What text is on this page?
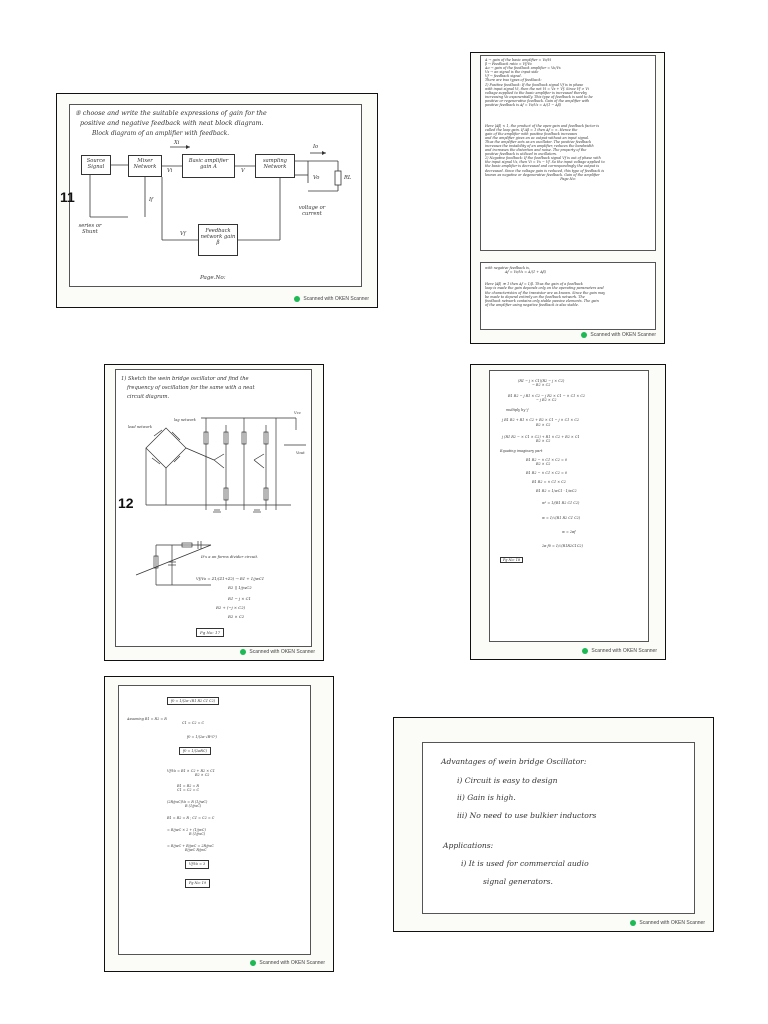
⑤ choose and write the suitable expressions of gain for the
positive and negative feedback with neat block diagram.
Block diagram of an amplifier with feedback.
Source Signal
Mixer Network
Basic amplifier gain A
sampling Network
Feedback network gain β
Xi
Vi	V
Io
Vo	RL
If
Vf
series or Shunt
voltage or current
Page.No:
11
Scanned with OKEN Scanner
A → gain of the basic amplifier = Vo/Vi
β → Feedback ratio = Vf/Vo
Ao → gain of the feedback amplifier = Vo/Vs
Vs → an signal is the input side
Vf → feedback signal.
There are two types of feedback:
1) Positive feedback: If the feedback signal Vf is in phase
with input signal Vi, then the net Vi = Vs + Vf. Since Vf > Vi
voltage supplied to the basic amplifier is increased thereby
increasing Vo exponentially. This type of feedback is said to be
positive or regenerative feedback. Gain of the amplifier with
positive feedback is Af = Vo/Vs = A/(1 − Aβ)

Here |Aβ| < 1, the product of the open-gain and feedback factor is
called the loop gain. If Aβ = 1 then Af = ∞. Hence the
gain of the amplifier with positive feedback increases
and the amplifier gives an ac output without an input signal.
Thus the amplifier acts as an oscillator. The positive feedback
increases the instability of an amplifier, reduces the bandwidth
and increases the distortion and noise. The property of the
positive feedback is utilized in oscillators.
2) Negative feedback: If the feedback signal Vf is out of phase with
the input signal Vs, then Vi = Vs − Vf. So the input voltage applied to
the basic amplifier is decreased and correspondingly the output is
decreased. Since the voltage gain is reduced, this type of feedback is
known as negative or degenerative feedback. Gain of the amplifier
Page.No:
with negative feedback is,
Af = Vo/Vs = A/(1 + Aβ)

Here |Aβ| ≫ 1 then Af = 1/β. Thus the gain of a feedback
loop is made the gain depends only on the operating parameters and
the characteristics of the transistor are as known. Since the gain may
be made to depend entirely on the feedback network. The
feedback network contains only stable passive elements. The gain
of the amplifier using negative feedback is also stable.
Scanned with OKEN Scanner
1) Sketch the wein bridge oscillator and find the
frequency of oscillation for the same with a neat
circuit diagram.
lead network
lag network
Vcc
Vout
It's a an forms divider circuit.
Vf/Vo = Z1/(Z1+Z2) → R1 + 1/jwC1
R2 || 1/jwC2
R1 − j × C1
R2 + (−j × C2)
R2 × C2
Pg No: 17
12
Scanned with OKEN Scanner
(R1 − j × C1)(R2 − j × C2)
− R2 × C2
R1 R2 − j R1 × C2 − j R2 × C1 − × C1 × C2
− j R2 × C2
multiply by 'j'
j R1 R2 + R1 × C2 + R2 × C1 − j × C1 × C2
R2 × C2
j (R1 R2 − × C1 × C2) + R1 × C2 + R2 × C1
R2 × C2
Equating imaginary part
R1 R2 − × C1 × C2 = 0
R2 × C2
R1 R2 − × C1 × C2 = 0
R1 R2 = × C1 × C2
R1 R2 = 1/wC1 · 1/wC2
w² = 1/(R1 R2 C1 C2)
w = 1/√(R1 R2 C1 C2)
w = 2πf
2π f0 = 1/√(R1R2C1C2)
Pg No: 18
Scanned with OKEN Scanner
f0 = 1/(2π √R1 R2 C1 C2)
Assuming R1 = R2 = R
C1 = C2 = C
f0 = 1/(2π √R²C²)
f0 = 1/(2πRC)
Vf/Vo = R1 × C2 + R2 × C1
R2 × C2
R1 = R2 = R
C1 = C2 = C
(2R/jwC)Vo = R (1/jwC)
R (1/jwC)
R1 = R2 = R ; C1 = C2 = C
= R/jwC × 2 + (1/jwC)
R (1/jwC)
= R/jwC + R/jwC = 2R/jwC
R/jwC R/jwC
Vf/Vo = 3
Pg No: 19
Scanned with OKEN Scanner
Advantages of wein bridge Oscillator:
i) Circuit is easy to design
ii) Gain is high.
iii) No need to use bulkier inductors
Applications:
i) It is used for commercial audio
signal generators.
Scanned with OKEN Scanner
